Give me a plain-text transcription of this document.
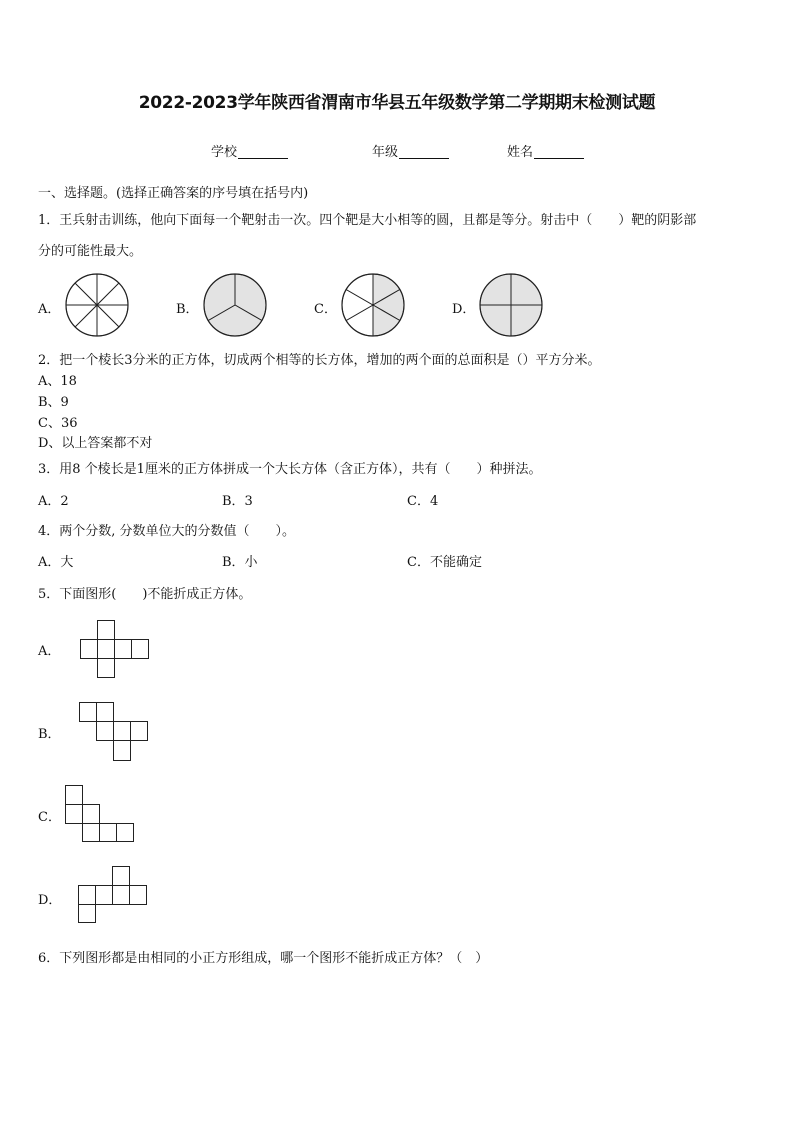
2022-2023学年陕西省渭南市华县五年级数学第二学期期末检测试题
学校	年级	姓名
一、选择题。(选择正确答案的序号填在括号内)
1．王兵射击训练，他向下面每一个靶射击一次。四个靶是大小相等的圆，且都是等分。射击中（　　）靶的阴影部
分的可能性最大。
A．	B．	C．	D．
2．把一个棱长3分米的正方体，切成两个相等的长方体，增加的两个面的总面积是（）平方分米。
A、18
B、9
C、36
D、以上答案都不对
3．用8 个棱长是1厘米的正方体拼成一个大长方体（含正方体），共有（　　）种拼法。
A．2	B．3	C．4
4．两个分数, 分数单位大的分数值（　　）。
A．大	B．小	C．不能确定
5．下面图形(　　)不能折成正方体。
A．
B．
C．
D．
6．下列图形都是由相同的小正方形组成，哪一个图形不能折成正方体？（　）
